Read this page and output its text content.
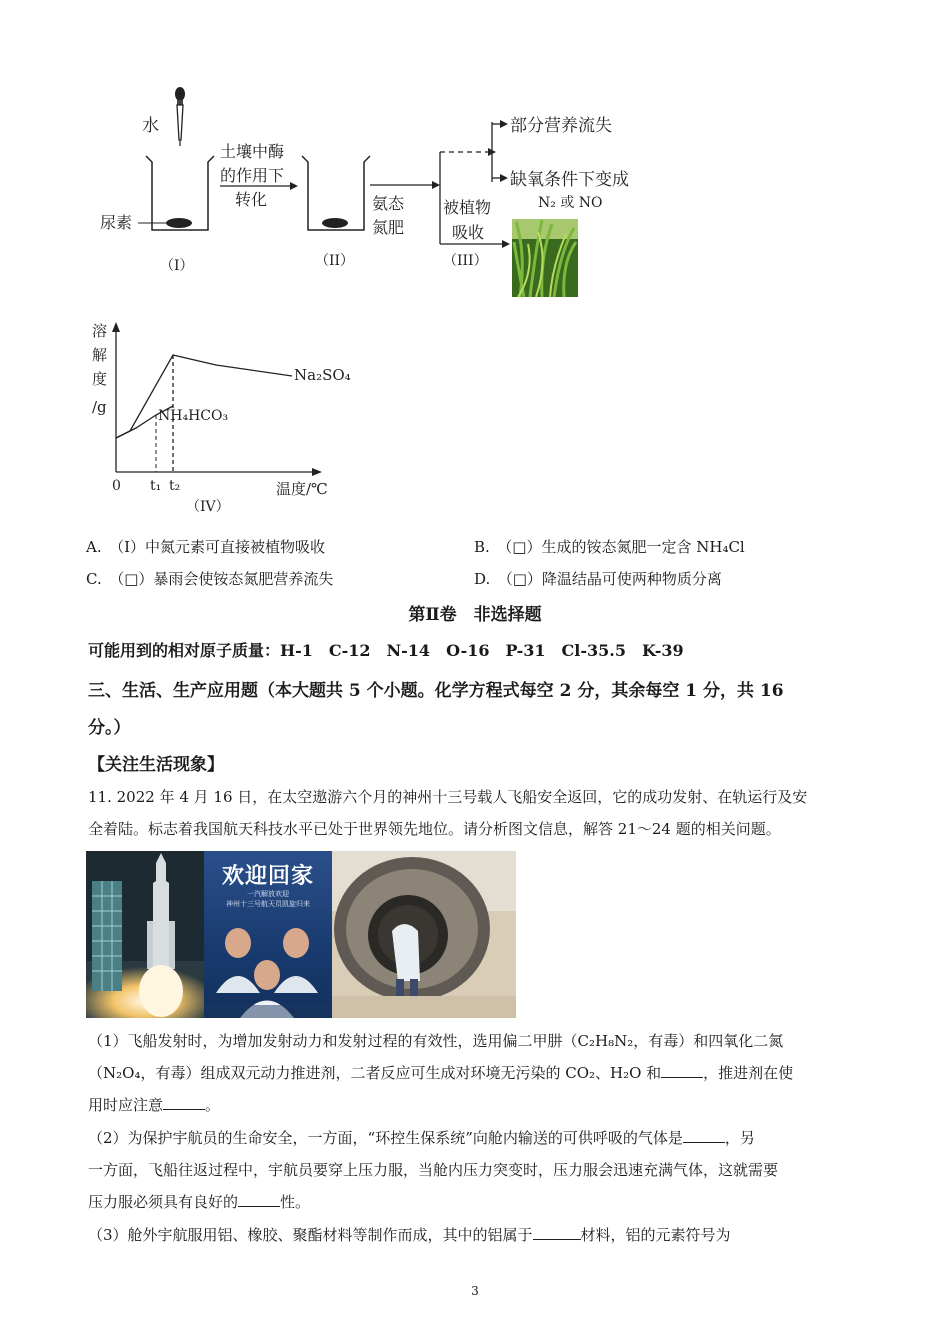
水
尿素
（I）
土壤中酶
的作用下
转化
（II）
氨态
氮肥
被植物
吸收
（III）
部分营养流失
缺氧条件下变成
N₂ 或 NO
溶
解
度
/g
Na₂SO₄
NH₄HCO₃
0 t₁ t₂	温度/℃
（IV）
A.　（Ⅰ）中氮元素可直接被植物吸收	B.　（□）生成的铵态氮肥一定含 NH₄Cl
C.　（□）暴雨会使铵态氮肥营养流失	D.　（□）降温结晶可使两种物质分离
第Ⅱ卷　非选择题
可能用到的相对原子质量：H-1　C-12　N-14　O-16　P-31　Cl-35.5　K-39
三、生活、生产应用题（本大题共 5 个小题。化学方程式每空 2 分，其余每空 1 分，共 16
分。）
【关注生活现象】
11. 2022 年 4 月 16 日，在太空遨游六个月的神州十三号载人飞船安全返回，它的成功发射、在轨运行及安
全着陆。标志着我国航天科技水平已处于世界领先地位。请分析图文信息，解答 21～24 题的相关问题。
欢迎回家
一汽解放欢迎
神州十三号航天员凯旋归来
（1）飞船发射时，为增加发射动力和发射过程的有效性，选用偏二甲肼（C₂H₈N₂，有毒）和四氧化二氮
（N₂O₄，有毒）组成双元动力推进剂，二者反应可生成对环境无污染的 CO₂、H₂O 和	，推进剂在使
用时应注意	。
（2）为保护宇航员的生命安全，一方面，“环控生保系统”向舱内输送的可供呼吸的气体是	，另
一方面，飞船往返过程中，宇航员要穿上压力服，当舱内压力突变时，压力服会迅速充满气体，这就需要
压力服必须具有良好的	性。
（3）舱外宇航服用铝、橡胶、聚酯材料等制作而成，其中的铝属于	材料，铝的元素符号为
3
